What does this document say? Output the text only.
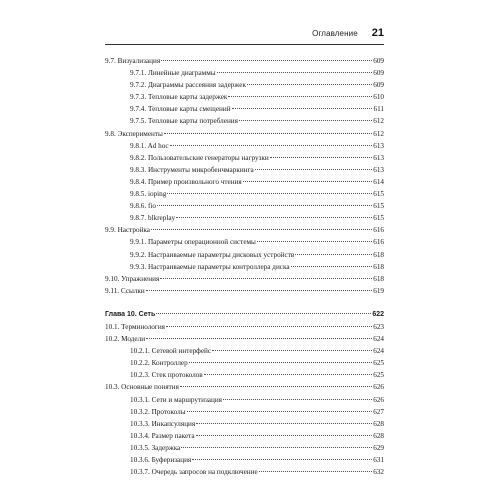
Оглавление 21
9.7. Визуализация	609
9.7.1. Линейные диаграммы	609
9.7.2. Диаграммы рассеяния задержек	609
9.7.3. Тепловые карты задержек	610
9.7.4. Тепловые карты смещений	611
9.7.5. Тепловые карты потребления	612
9.8. Эксперименты	612
9.8.1. Ad hoc	613
9.8.2. Пользовательские генераторы нагрузки	613
9.8.3. Инструменты микробенчмаркинга	613
9.8.4. Пример произвольного чтения	614
9.8.5. ioping	615
9.8.6. fio	615
9.8.7. blkreplay	615
9.9. Настройка	616
9.9.1. Параметры операционной системы	616
9.9.2. Настраиваемые параметры дисковых устройств	618
9.9.3. Настраиваемые параметры контроллера диска	618
9.10. Упражнения	618
9.11. Ссылки	619
Глава 10. Сеть	622
10.1. Терминология	623
10.2. Модели	624
10.2.1. Сетевой интерфейс	624
10.2.2. Контроллер	625
10.2.3. Стек протоколов	625
10.3. Основные понятия	626
10.3.1. Сети и маршрутизация	626
10.3.2. Протоколы	627
10.3.3. Инкапсуляция	628
10.3.4. Размер пакета	628
10.3.5. Задержка	629
10.3.6. Буферизация	631
10.3.7. Очередь запросов на подключение	632
